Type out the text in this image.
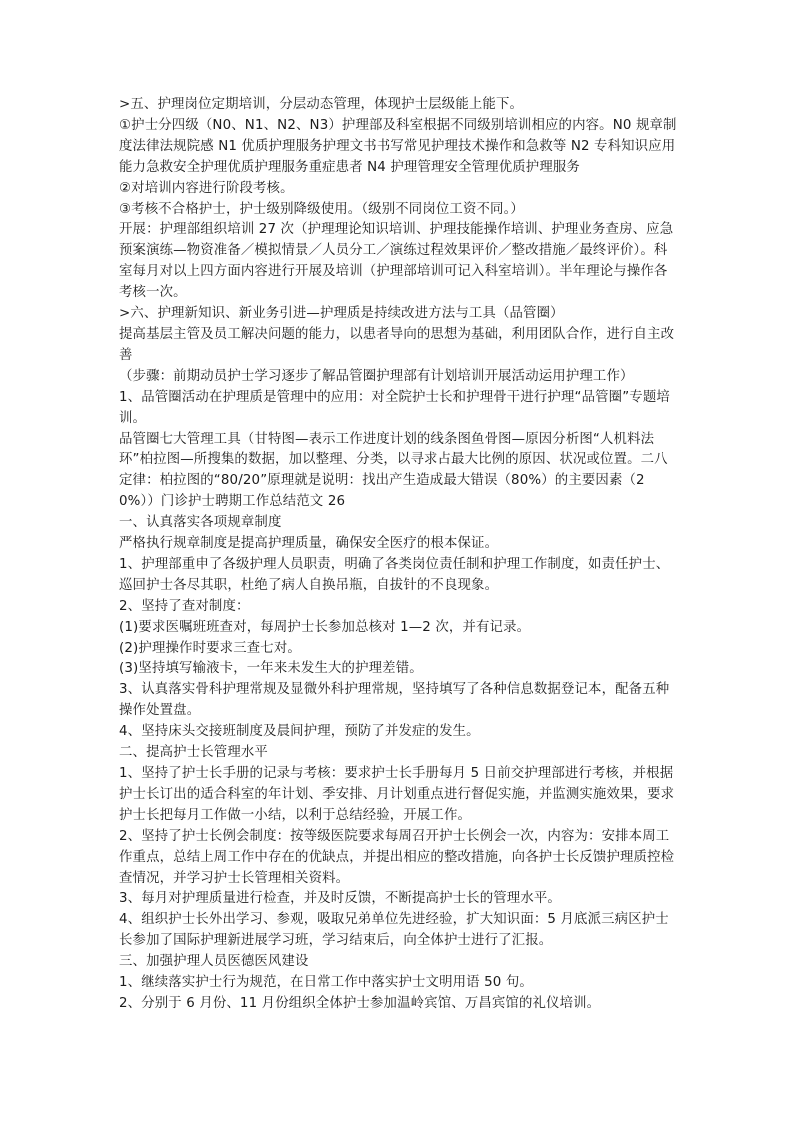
>五、护理岗位定期培训，分层动态管理，体现护士层级能上能下。

①护士分四级（N0、N1、N2、N3）护理部及科室根据不同级别培训相应的内容。N0 规章制度法律法规院感 N1 优质护理服务护理文书书写常见护理技术操作和急救等 N2 专科知识应用能力急救安全护理优质护理服务重症患者 N4 护理管理安全管理优质护理服务

②对培训内容进行阶段考核。

③考核不合格护士，护士级别降级使用。（级别不同岗位工资不同。）

开展：护理部组织培训 27 次（护理理论知识培训、护理技能操作培训、护理业务查房、应急预案演练—物资准备／模拟情景／人员分工／演练过程效果评价／整改措施／最终评价）。科室每月对以上四方面内容进行开展及培训（护理部培训可记入科室培训）。半年理论与操作各考核一次。

>六、护理新知识、新业务引进—护理质是持续改进方法与工具（品管圈）

提高基层主管及员工解决问题的能力，以患者导向的思想为基础，利用团队合作，进行自主改善

（步骤：前期动员护士学习逐步了解品管圈护理部有计划培训开展活动运用护理工作）

1、品管圈活动在护理质是管理中的应用：对全院护士长和护理骨干进行护理“品管圈”专题培训。

品管圈七大管理工具（甘特图—表示工作进度计划的线条图鱼骨图—原因分析图“人机料法环”柏拉图—所搜集的数据，加以整理、分类，以寻求占最大比例的原因、状况或位置。二八定律：柏拉图的“80/20”原理就是说明：找出产生造成最大错误（80%）的主要因素（20%））门诊护士聘期工作总结范文 26

一、认真落实各项规章制度

严格执行规章制度是提高护理质量，确保安全医疗的根本保证。

1、护理部重申了各级护理人员职责，明确了各类岗位责任制和护理工作制度，如责任护士、巡回护士各尽其职，杜绝了病人自换吊瓶，自拔针的不良现象。

2、坚持了查对制度：

(1)要求医嘱班班查对，每周护士长参加总核对 1—2 次，并有记录。

(2)护理操作时要求三查七对。

(3)坚持填写输液卡，一年来未发生大的护理差错。

3、认真落实骨科护理常规及显微外科护理常规，坚持填写了各种信息数据登记本，配备五种操作处置盘。

4、坚持床头交接班制度及晨间护理，预防了并发症的发生。

二、提高护士长管理水平

1、坚持了护士长手册的记录与考核：要求护士长手册每月 5 日前交护理部进行考核，并根据护士长订出的适合科室的年计划、季安排、月计划重点进行督促实施，并监测实施效果，要求护士长把每月工作做一小结，以利于总结经验，开展工作。

2、坚持了护士长例会制度：按等级医院要求每周召开护士长例会一次，内容为：安排本周工作重点，总结上周工作中存在的优缺点，并提出相应的整改措施，向各护士长反馈护理质控检查情况，并学习护士长管理相关资料。

3、每月对护理质量进行检查，并及时反馈，不断提高护士长的管理水平。

4、组织护士长外出学习、参观，吸取兄弟单位先进经验，扩大知识面：5 月底派三病区护士长参加了国际护理新进展学习班，学习结束后，向全体护士进行了汇报。

三、加强护理人员医德医风建设

1、继续落实护士行为规范，在日常工作中落实护士文明用语 50 句。

2、分别于 6 月份、11 月份组织全体护士参加温岭宾馆、万昌宾馆的礼仪培训。
